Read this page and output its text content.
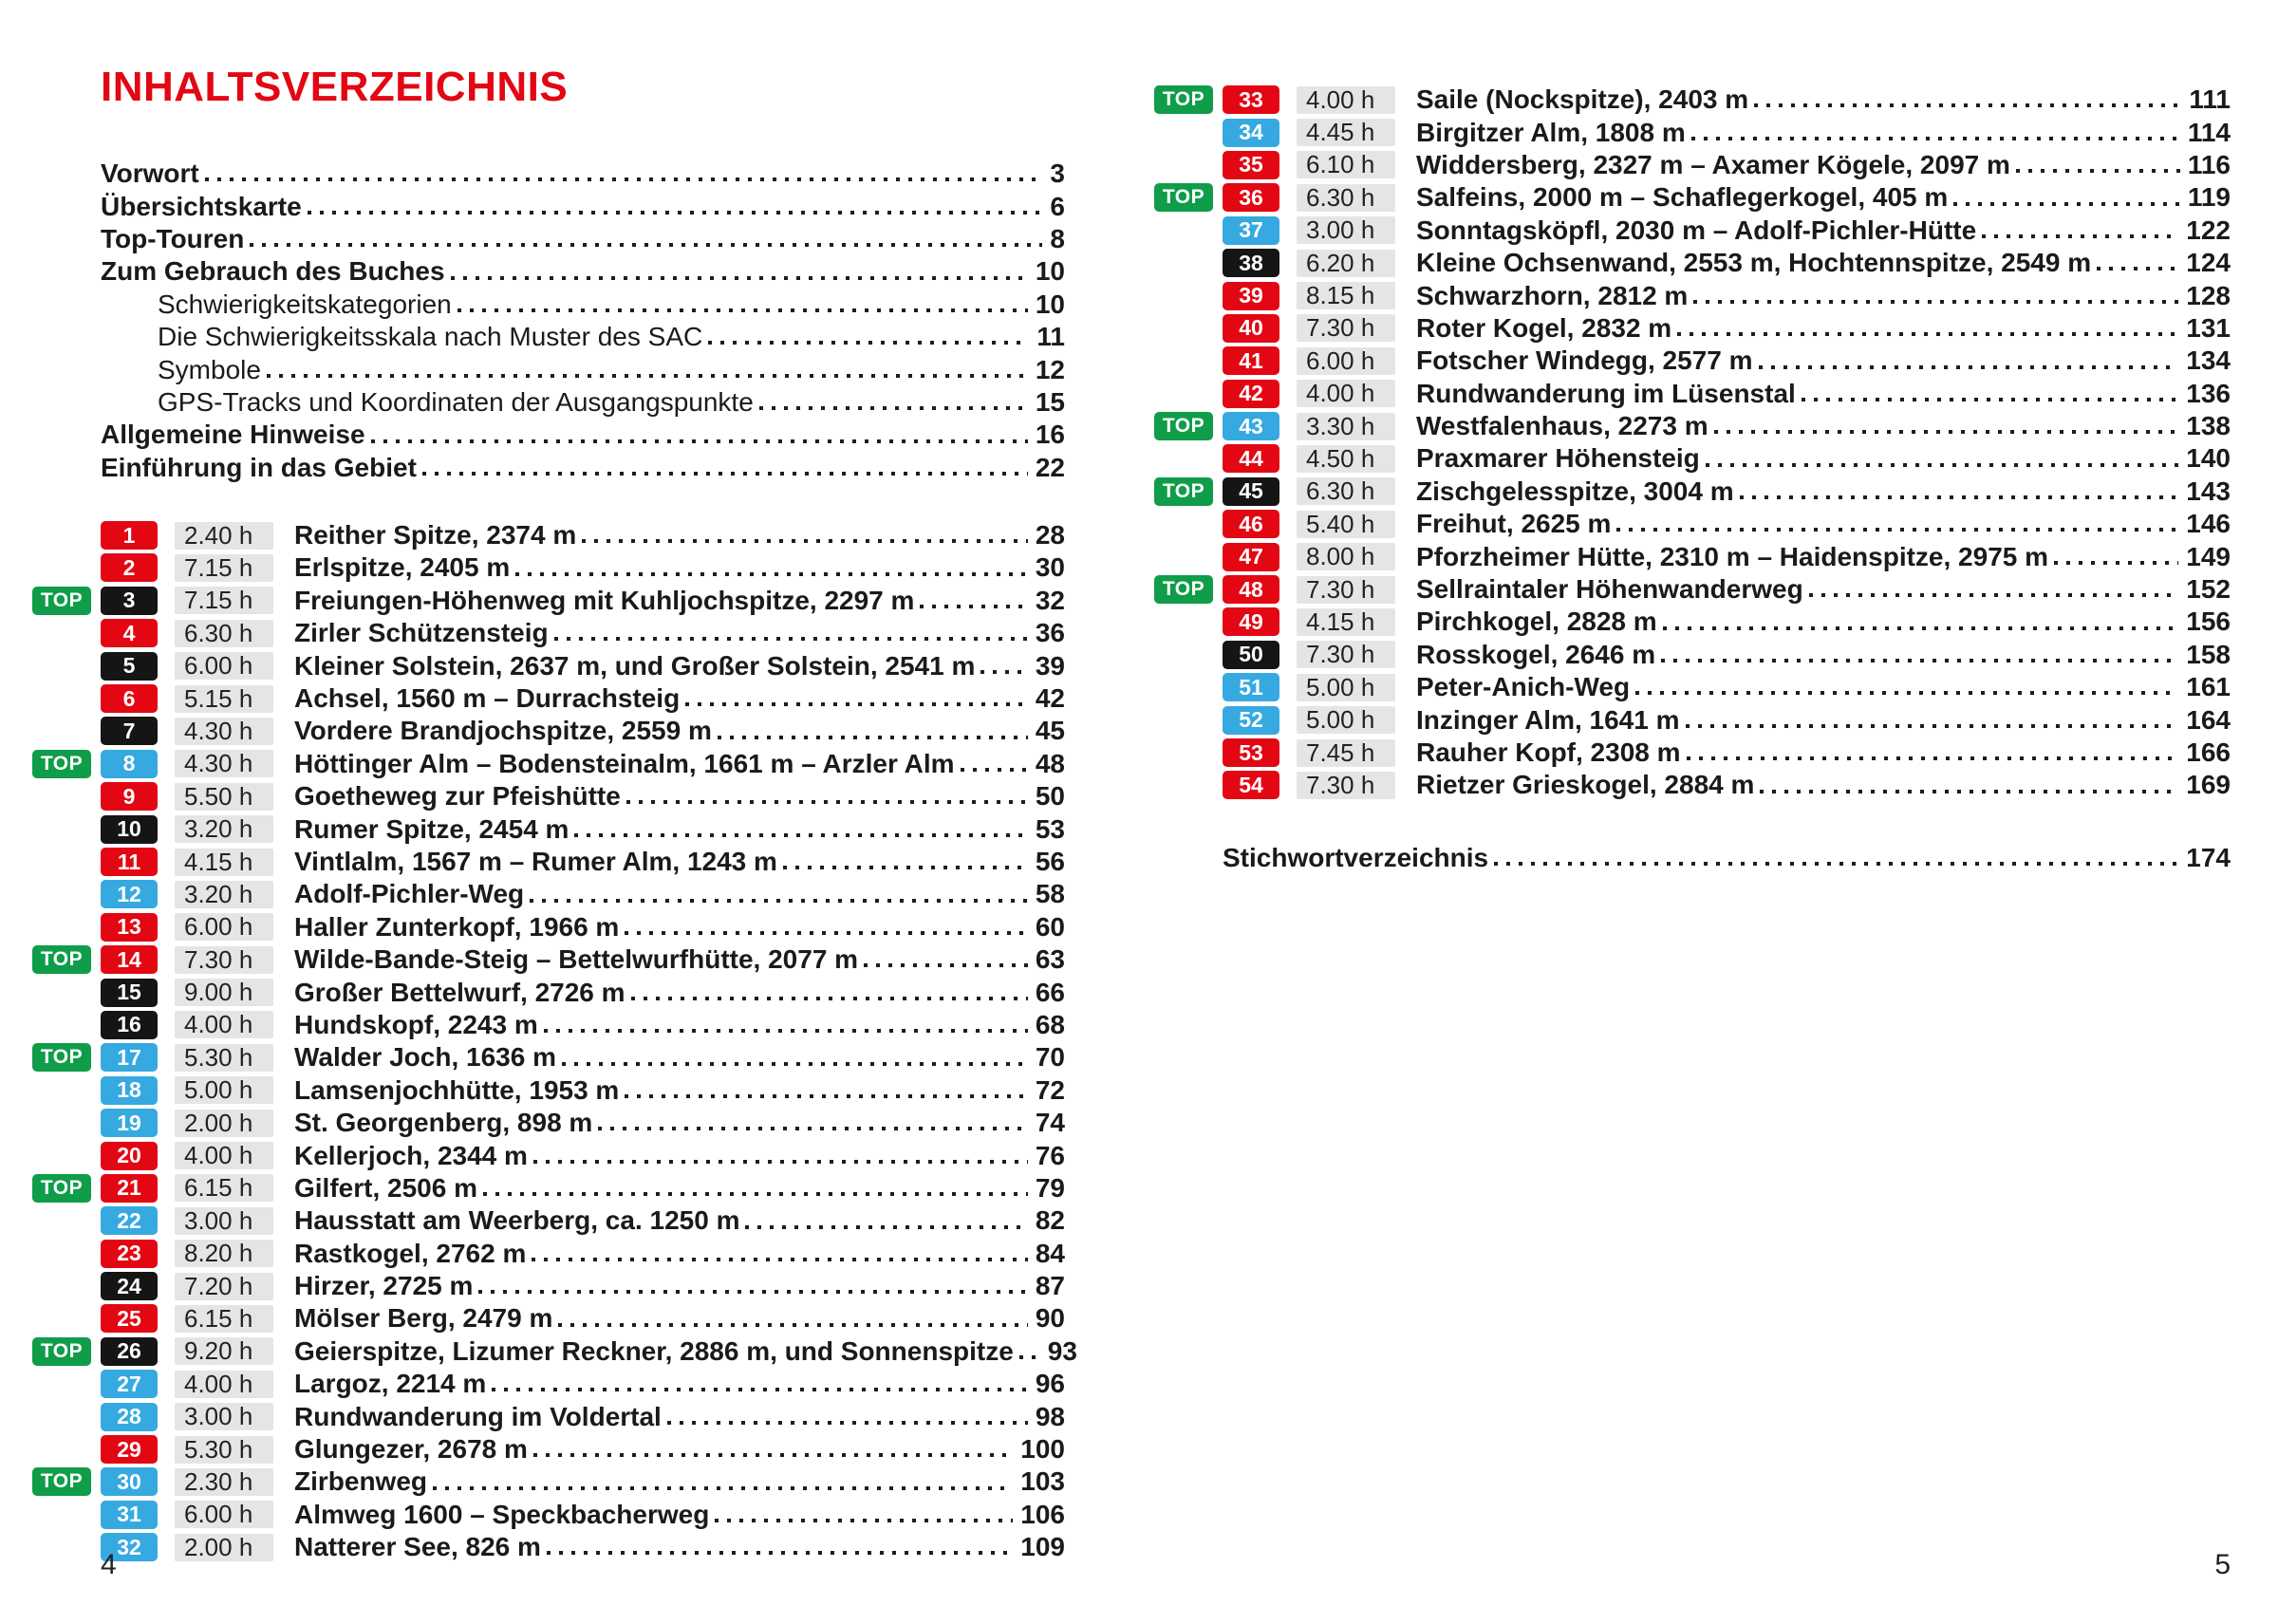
INHALTSVERZEICHNIS
Vorwort	3
Übersichtskarte	6
Top-Touren	8
Zum Gebrauch des Buches	10
Schwierigkeitskategorien	10
Die Schwierigkeitsskala nach Muster des SAC	11
Symbole	12
GPS-Tracks und Koordinaten der Ausgangspunkte	15
Allgemeine Hinweise	16
Einführung in das Gebiet	22
1	2.40 h	Reither Spitze, 2374 m	28
2	7.15 h	Erlspitze, 2405 m	30
TOP	3	7.15 h	Freiungen-Höhenweg mit Kuhljochspitze, 2297 m	32
4	6.30 h	Zirler Schützensteig	36
5	6.00 h	Kleiner Solstein, 2637 m, und Großer Solstein, 2541 m 39
6	5.15 h	Achsel, 1560 m – Durrachsteig	42
7	4.30 h	Vordere Brandjochspitze, 2559 m	45
TOP	8	4.30 h	Höttinger Alm – Bodensteinalm, 1661 m – Arzler Alm	48
9	5.50 h	Goetheweg zur Pfeishütte	50
10	3.20 h	Rumer Spitze, 2454 m	53
11	4.15 h	Vintlalm, 1567 m – Rumer Alm, 1243 m	56
12	3.20 h	Adolf-Pichler-Weg	58
13	6.00 h	Haller Zunterkopf, 1966 m	60
TOP	14	7.30 h	Wilde-Bande-Steig – Bettelwurfhütte, 2077 m	63
15	9.00 h	Großer Bettelwurf, 2726 m	66
16	4.00 h	Hundskopf, 2243 m	68
TOP	17	5.30 h	Walder Joch, 1636 m	70
18	5.00 h	Lamsenjochhütte, 1953 m	72
19	2.00 h	St. Georgenberg, 898 m	74
20	4.00 h	Kellerjoch, 2344 m	76
TOP	21	6.15 h	Gilfert, 2506 m	79
22	3.00 h	Hausstatt am Weerberg, ca. 1250 m	82
23	8.20 h	Rastkogel, 2762 m	84
24	7.20 h	Hirzer, 2725 m	87
25	6.15 h	Mölser Berg, 2479 m	90
TOP	26	9.20 h	Geierspitze, Lizumer Reckner, 2886 m, und Sonnenspitze 93
27	4.00 h	Largoz, 2214 m	96
28	3.00 h	Rundwanderung im Voldertal	98
29	5.30 h	Glungezer, 2678 m	100
TOP	30	2.30 h	Zirbenweg	103
31	6.00 h	Almweg 1600 – Speckbacherweg	106
32	2.00 h	Natterer See, 826 m	109
TOP	33	4.00 h	Saile (Nockspitze), 2403 m	111
34	4.45 h	Birgitzer Alm, 1808 m	114
35	6.10 h	Widdersberg, 2327 m – Axamer Kögele, 2097 m	116
TOP	36	6.30 h	Salfeins, 2000 m – Schaflegerkogel, 405 m	119
37	3.00 h	Sonntagsköpfl, 2030 m – Adolf-Pichler-Hütte	122
38	6.20 h	Kleine Ochsenwand, 2553 m, Hochtennspitze, 2549 m	124
39	8.15 h	Schwarzhorn, 2812 m	128
40	7.30 h	Roter Kogel, 2832 m	131
41	6.00 h	Fotscher Windegg, 2577 m	134
42	4.00 h	Rundwanderung im Lüsenstal	136
TOP	43	3.30 h	Westfalenhaus, 2273 m	138
44	4.50 h	Praxmarer Höhensteig	140
TOP	45	6.30 h	Zischgelesspitze, 3004 m	143
46	5.40 h	Freihut, 2625 m	146
47	8.00 h	Pforzheimer Hütte, 2310 m – Haidenspitze, 2975 m	149
TOP	48	7.30 h	Sellraintaler Höhenwanderweg	152
49	4.15 h	Pirchkogel, 2828 m	156
50	7.30 h	Rosskogel, 2646 m	158
51	5.00 h	Peter-Anich-Weg	161
52	5.00 h	Inzinger Alm, 1641 m	164
53	7.45 h	Rauher Kopf, 2308 m	166
54	7.30 h	Rietzer Grieskogel, 2884 m	169
Stichwortverzeichnis	174
4	5
